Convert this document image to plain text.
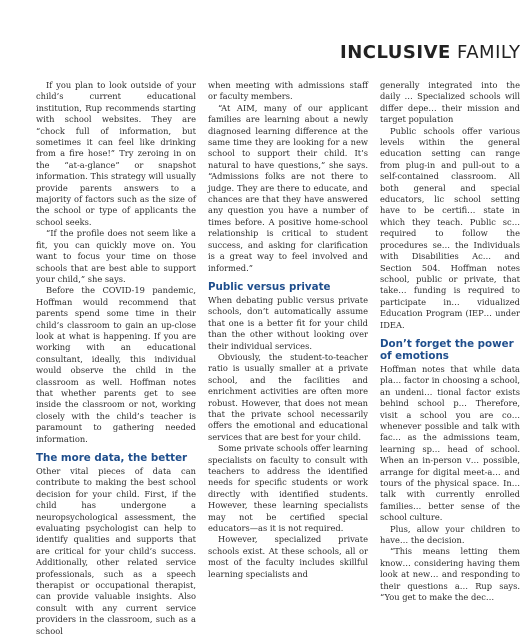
INCLUSIVE FAMILY

If you plan to look outside of your child’s current educational institution, Rup recommends starting with school websites. They are “chock full of information, but sometimes it can feel like drinking from a fire hose!” Try zeroing in on the “at-a-glance” or snapshot information. This strategy will usually provide parents answers to a majority of factors such as the size of the school or type of applicants the school seeks.

“If the profile does not seem like a fit, you can quickly move on. You want to focus your time on those schools that are best able to support your child,” she says.

Before the COVID-19 pandemic, Hoffman would recommend that parents spend some time in their child’s classroom to gain an up-close look at what is happening. If you are working with an educational consultant, ideally, this individual would observe the child in the classroom as well. Hoffman notes that whether parents get to see inside the classroom or not, working closely with the child’s teacher is paramount to gathering needed information.

The more data, the better

Other vital pieces of data can contribute to making the best school decision for your child. First, if the child has undergone a neuropsychological assessment, the evaluating psychologist can help to identify qualities and supports that are critical for your child’s success. Additionally, other related service professionals, such as a speech therapist or occupational therapist, can provide valuable insights. Also consult with any current service providers in the classroom, such as a school

when meeting with admissions staff or faculty members.

“At AIM, many of our applicant families are learning about a newly diagnosed learning difference at the same time they are looking for a new school to support their child. It’s natural to have questions,” she says. “Admissions folks are not there to judge. They are there to educate, and chances are that they have answered any question you have a number of times before. A positive home-school relationship is critical to student success, and asking for clarification is a great way to feel involved and informed.”

Public versus private

When debating public versus private schools, don’t automatically assume that one is a better fit for your child than the other without looking over their individual services.

Obviously, the student-to-teacher ratio is usually smaller at a private school, and the facilities and enrichment activities are often more robust. However, that does not mean that the private school necessarily offers the emotional and educational services that are best for your child.

Some private schools offer learning specialists on faculty to consult with teachers to address the identified needs for specific students or work directly with identified students. However, these learning specialists may not be certified special educators—as it is not required.

However, specialized private schools exist. At these schools, all or most of the faculty includes skillful learning specialists and

generally integrated into the daily … Specialized schools will differ depe… their mission and target population

Public schools offer various levels within the general education setting can range from plug-in and pull-out to a self-contained classroom. All both general and special educators, lic school setting have to be certifi… state in which they teach. Public sc… required to follow the procedures se… the Individuals with Disabilities Ac… and Section 504. Hoffman notes school, public or private, that take… funding is required to participate in… vidualized Education Program (IEP… under IDEA.

Don’t forget the power of emotions

Hoffman notes that while data pla… factor in choosing a school, an undeni… tional factor exists behind school p… Therefore, visit a school you are co… whenever possible and talk with fac… as the admissions team, learning sp… head of school. When an in-person v… possible, arrange for digital meet-a… and tours of the physical space. In… talk with currently enrolled families… better sense of the school culture.

Plus, allow your children to have… the decision.

“This means letting them know… considering having them look at new… and responding to their questions a… Rup says. “You get to make the dec…
